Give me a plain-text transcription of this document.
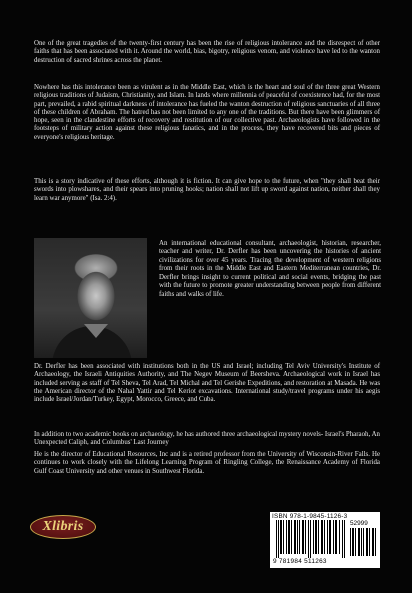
One of the great tragedies of the twenty-first century has been the rise of religious intolerance and the disrespect of other faiths that has been associated with it. Around the world, bias, bigotry, religious venom, and violence have led to the wanton destruction of sacred shrines across the planet.

Nowhere has this intolerance been as virulent as in the Middle East, which is the heart and soul of the three great Western religious traditions of Judaism, Christianity, and Islam. In lands where millennia of peaceful of coexistence had, for the most part, prevailed, a rabid spiritual darkness of intolerance has fueled the wanton destruction of religious sanctuaries of all three of these children of Abraham. The hatred has not been limited to any one of the traditions. But there have been glimmers of hope, seen in the clandestine efforts of recovery and restitution of our collective past. Archaeologists have followed in the footsteps of military action against these religious fanatics, and in the process, they have recovered bits and pieces of everyone's religious heritage.

This is a story indicative of these efforts, although it is fiction. It can give hope to the future, when "they shall beat their swords into plowshares, and their spears into pruning hooks; nation shall not lift up sword against nation, neither shall they learn war anymore" (Isa. 2:4).

An international educational consultant, archaeologist, historian, researcher, teacher and writer, Dr. Derfler has been uncovering the histories of ancient civilizations for over 45 years. Tracing the development of western religions from their roots in the Middle East and Eastern Mediterranean countries, Dr. Derfler brings insight to current political and social events, bridging the past with the future to promote greater understanding between people from different faiths and walks of life.

Dr. Derfler has been associated with institutions both in the US and Israel; including Tel Aviv University's Institute of Archaeology, the Israeli Antiquities Authority, and The Negev Museum of Beersheva. Archaeological work in Israel has included serving as staff of Tel Sheva, Tel Arad, Tel Michal and Tel Gerishe Expeditions, and restoration at Masada. He was the American director of the Nahal Yattir and Tel Keriot excavations. International study/travel programs under his aegis include Israel/Jordan/Turkey, Egypt, Morocco, Greece, and Cuba.

In addition to two academic books on archaeology, he has authored three archaeological mystery novels- Israel's Pharaoh, An Unexpected Caliph, and Columbus' Last Journey

He is the director of Educational Resources, Inc and is a retired professor from the University of Wisconsin-River Falls. He continues to work closely with the Lifelong Learning Program of Ringling College, the Renaissance Academy of Florida Gulf Coast University and other venues in Southwest Florida.

Xlibris
ISBN 978-1-9845-1126-3
52999
9 781984 511263
